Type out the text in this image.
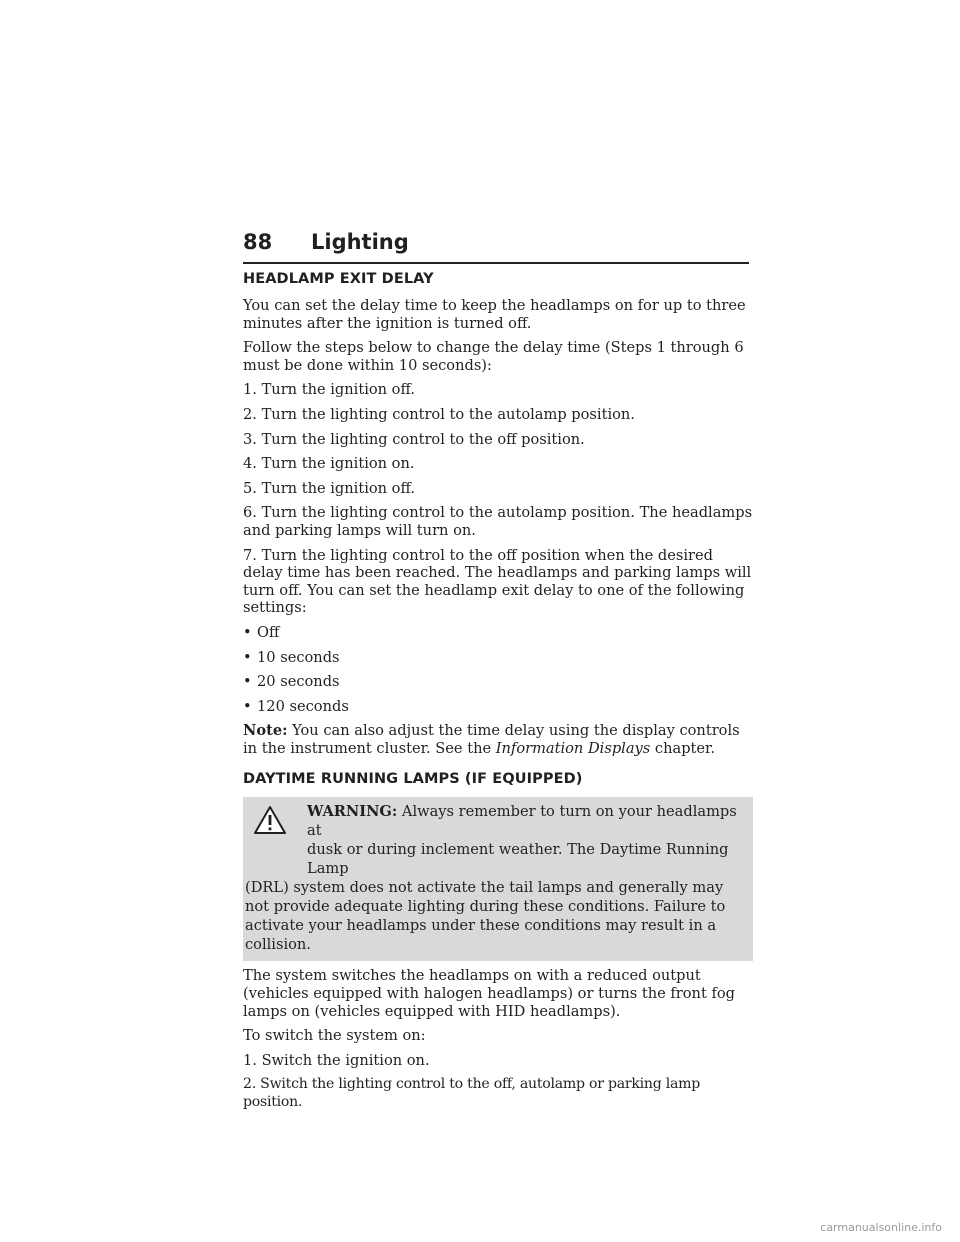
88 Lighting
HEADLAMP EXIT DELAY

You can set the delay time to keep the headlamps on for up to three minutes after the ignition is turned off.

Follow the steps below to change the delay time (Steps 1 through 6 must be done within 10 seconds):

1. Turn the ignition off.

2. Turn the lighting control to the autolamp position.

3. Turn the lighting control to the off position.

4. Turn the ignition on.

5. Turn the ignition off.

6. Turn the lighting control to the autolamp position. The headlamps and parking lamps will turn on.

7. Turn the lighting control to the off position when the desired delay time has been reached. The headlamps and parking lamps will turn off. You can set the headlamp exit delay to one of the following settings:

• Off

• 10 seconds

• 20 seconds

• 120 seconds

Note: You can also adjust the time delay using the display controls in the instrument cluster. See the Information Displays chapter.

DAYTIME RUNNING LAMPS (IF EQUIPPED)
WARNING: Always remember to turn on your headlamps at
dusk or during inclement weather. The Daytime Running Lamp
(DRL) system does not activate the tail lamps and generally may not provide adequate lighting during these conditions. Failure to activate your headlamps under these conditions may result in a collision.

The system switches the headlamps on with a reduced output (vehicles equipped with halogen headlamps) or turns the front fog lamps on (vehicles equipped with HID headlamps).

To switch the system on:

1. Switch the ignition on.

2. Switch the lighting control to the off, autolamp or parking lamp position.

carmanualsonline.info
